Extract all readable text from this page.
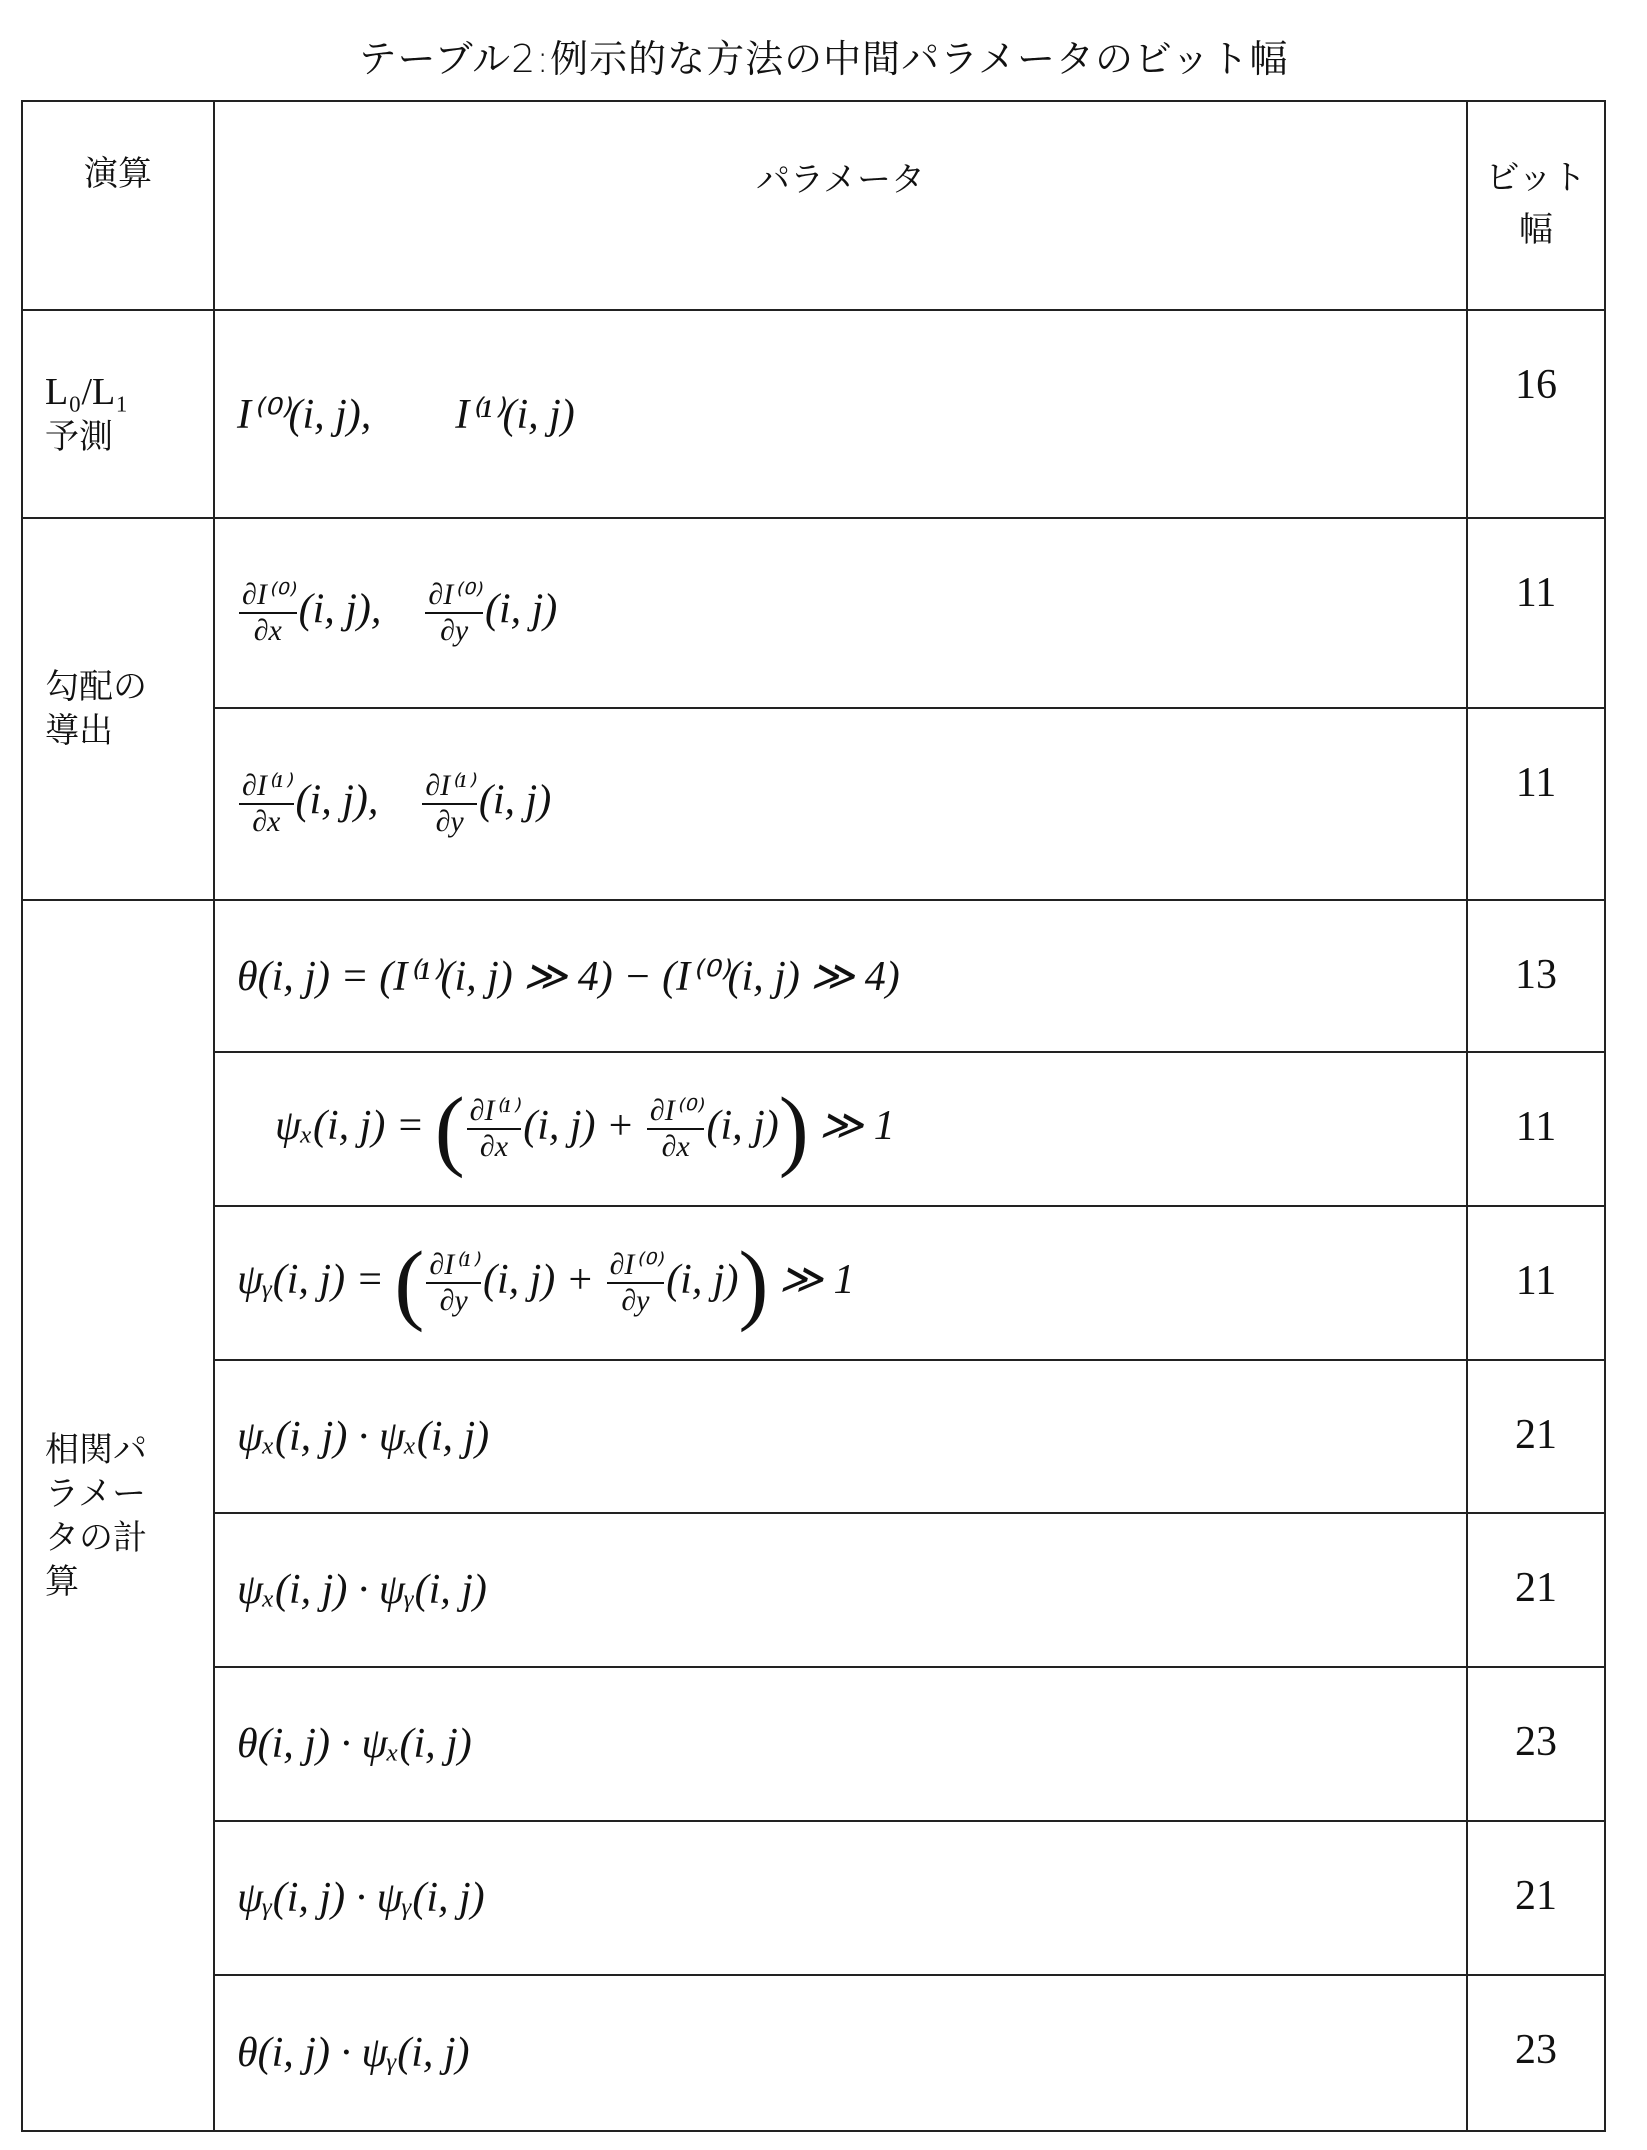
テーブル2:例示的な方法の中間パラメータのビット幅
演算	パラメータ	ビット
幅
L₀/L₁
予測	I⁽⁰⁾(i, j), I⁽¹⁾(i, j)	16
勾配の
導出	
∂I⁽⁰⁾
∂x (i, j), ∂I⁽⁰⁾
∂y (i, j)	11

∂I⁽¹⁾
∂x (i, j), ∂I⁽¹⁾
∂y (i, j)	11
相関パ
ラメー
タの計
算	θ(i, j) = (I⁽¹⁾(i, j) ≫ 4) − (I⁽⁰⁾(i, j) ≫ 4)	13
ψₓ(i, j) = ( ∂I⁽¹⁾
∂x (i, j) + ∂I⁽⁰⁾
∂x (i, j)) ≫ 1	11
ψᵧ(i, j) = ( ∂I⁽¹⁾
∂y (i, j) + ∂I⁽⁰⁾
∂y (i, j)) ≫ 1	11
ψₓ(i, j) · ψₓ(i, j)	21
ψₓ(i, j) · ψᵧ(i, j)	21
θ(i, j) · ψₓ(i, j)	23
ψᵧ(i, j) · ψᵧ(i, j)	21
θ(i, j) · ψᵧ(i, j)	23
